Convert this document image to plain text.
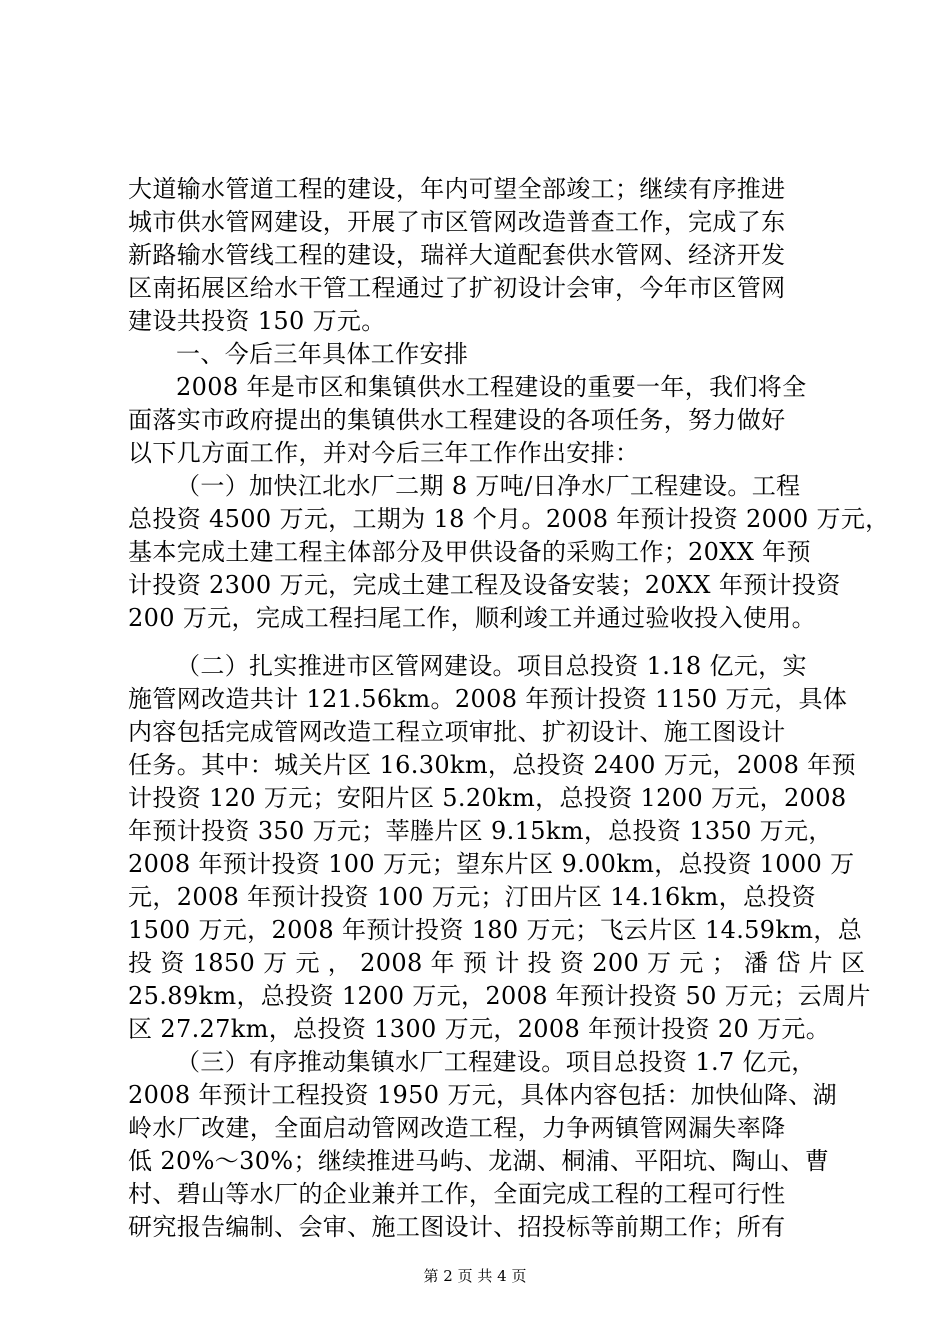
大道输水管道工程的建设，年内可望全部竣工；继续有序推进

城市供水管网建设，开展了市区管网改造普查工作，完成了东

新路输水管线工程的建设，瑞祥大道配套供水管网、经济开发

区南拓展区给水干管工程通过了扩初设计会审，今年市区管网

建设共投资 150 万元。

一、今后三年具体工作安排

2008 年是市区和集镇供水工程建设的重要一年，我们将全

面落实市政府提出的集镇供水工程建设的各项任务，努力做好

以下几方面工作，并对今后三年工作作出安排：

（一）加快江北水厂二期 8 万吨/日净水厂工程建设。工程

总投资 4500 万元，工期为 18 个月。2008 年预计投资 2000 万元，

基本完成土建工程主体部分及甲供设备的采购工作；20XX 年预

计投资 2300 万元，完成土建工程及设备安装；20XX 年预计投资

200 万元，完成工程扫尾工作，顺利竣工并通过验收投入使用。

（二）扎实推进市区管网建设。项目总投资 1.18 亿元，实

施管网改造共计 121.56km。2008 年预计投资 1150 万元，具体

内容包括完成管网改造工程立项审批、扩初设计、施工图设计

任务。其中：城关片区 16.30km，总投资 2400 万元，2008 年预

计投资 120 万元；安阳片区 5.20km，总投资 1200 万元，2008

年预计投资 350 万元；莘塍片区 9.15km，总投资 1350 万元，

2008 年预计投资 100 万元；望东片区 9.00km，总投资 1000 万

元，2008 年预计投资 100 万元；汀田片区 14.16km，总投资

1500 万元，2008 年预计投资 180 万元；飞云片区 14.59km，总

投 资 1850 万 元 ， 2008 年 预 计 投 资 200 万 元 ； 潘 岱 片 区

25.89km，总投资 1200 万元，2008 年预计投资 50 万元；云周片

区 27.27km，总投资 1300 万元，2008 年预计投资 20 万元。

（三）有序推动集镇水厂工程建设。项目总投资 1.7 亿元，

2008 年预计工程投资 1950 万元，具体内容包括：加快仙降、湖

岭水厂改建，全面启动管网改造工程，力争两镇管网漏失率降

低 20%～30%；继续推进马屿、龙湖、桐浦、平阳坑、陶山、曹

村、碧山等水厂的企业兼并工作，全面完成工程的工程可行性

研究报告编制、会审、施工图设计、招投标等前期工作；所有

第 2 页 共 4 页
